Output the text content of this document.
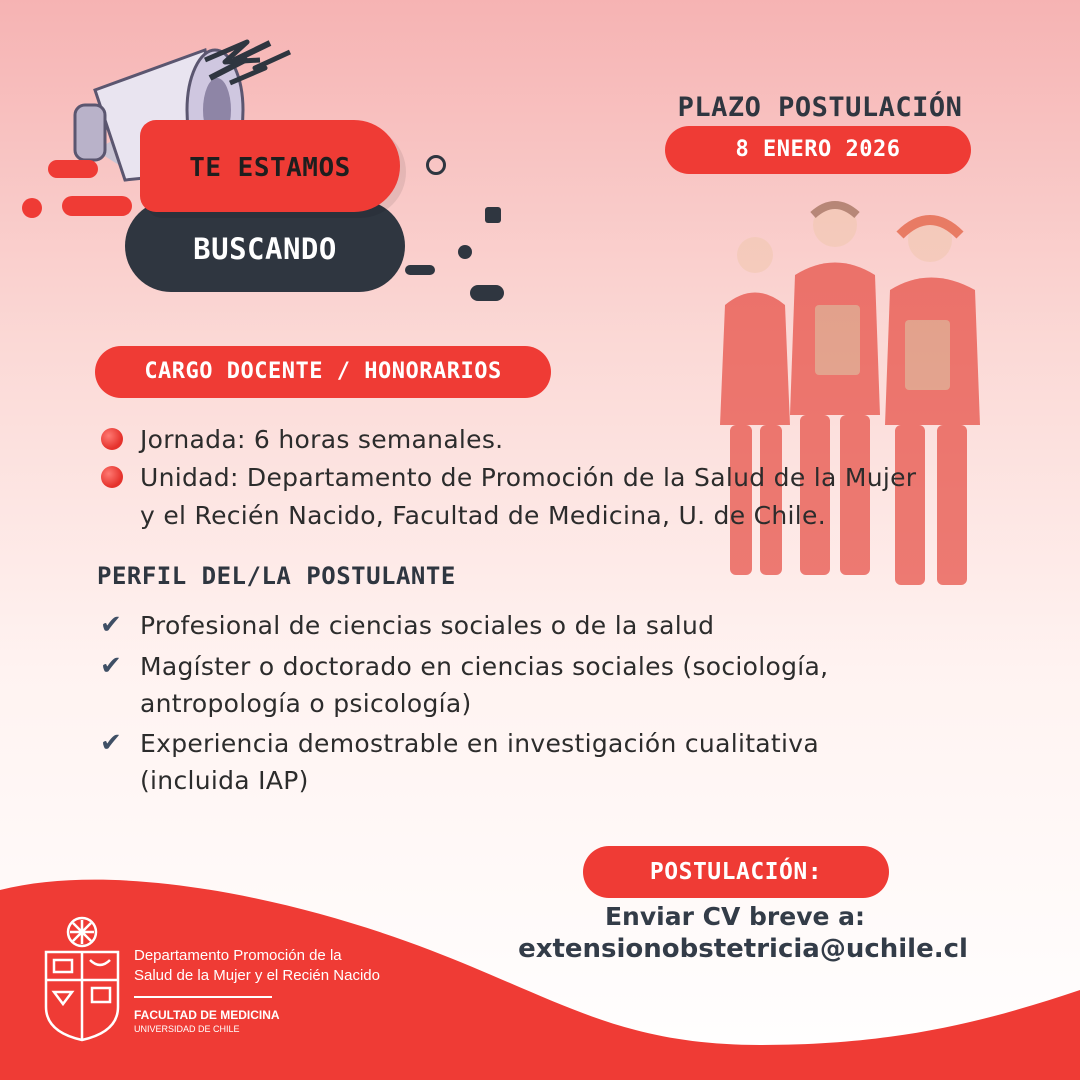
BUSCANDO
TE ESTAMOS
PLAZO POSTULACIÓN
8 ENERO 2026
CARGO DOCENTE / HONORARIOS
Jornada: 6 horas semanales.
Unidad: Departamento de Promoción de la Salud de la Mujer
y el Recién Nacido, Facultad de Medicina, U. de Chile.
PERFIL DEL/LA POSTULANTE
✔ Profesional de ciencias sociales o de la salud
✔ Magíster o doctorado en ciencias sociales (sociología,
antropología o psicología)
✔ Experiencia demostrable en investigación cualitativa
(incluida IAP)
POSTULACIÓN:
Enviar CV breve a:
extensionobstetricia@uchile.cl
Departamento Promoción de la
Salud de la Mujer y el Recién Nacido
FACULTAD DE MEDICINA
UNIVERSIDAD DE CHILE
